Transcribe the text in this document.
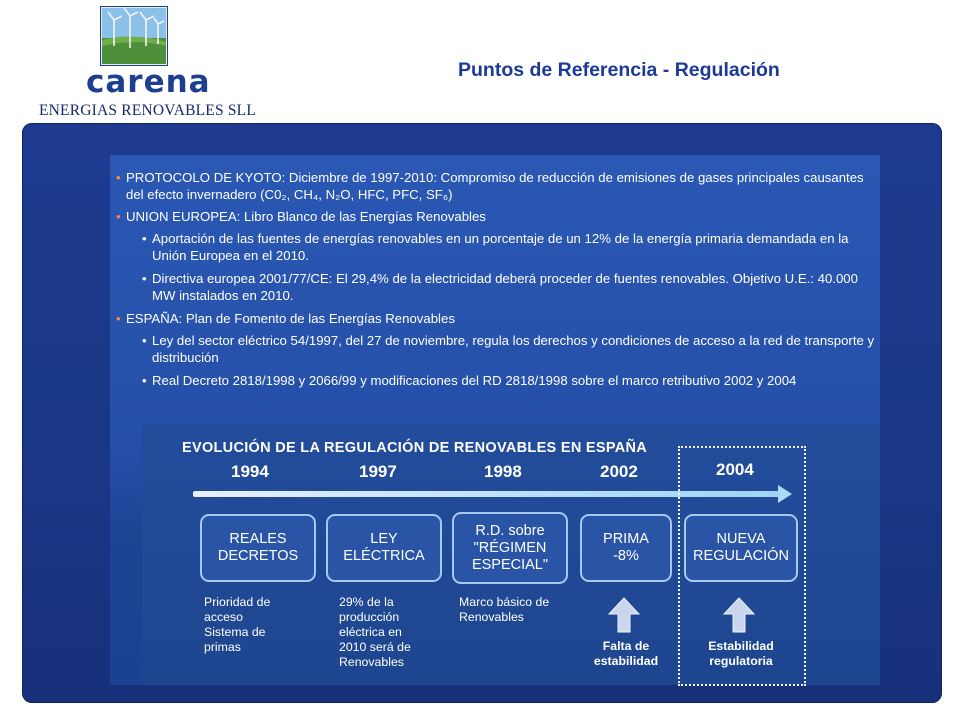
carena
ENERGIAS RENOVABLES SLL
Puntos de Referencia - Regulación
• PROTOCOLO DE KYOTO: Diciembre de 1997-2010: Compromiso de reducción de emisiones de gases principales causantes del efecto invernadero (C0₂, CH₄, N₂O, HFC, PFC, SF₆)
• UNION EUROPEA: Libro Blanco de las Energías Renovables
• Aportación de las fuentes de energías renovables en un porcentaje de un 12% de la energía primaria demandada en la Unión Europea en el 2010.
• Directiva europea 2001/77/CE: El 29,4% de la electricidad deberá proceder de fuentes renovables. Objetivo U.E.: 40.000 MW instalados en 2010.
• ESPAÑA: Plan de Fomento de las Energías Renovables
• Ley del sector eléctrico 54/1997, del 27 de noviembre, regula los derechos y condiciones de acceso a la red de transporte y distribución
• Real Decreto 2818/1998 y 2066/99 y modificaciones del RD 2818/1998 sobre el marco retributivo 2002 y 2004
EVOLUCIÓN DE LA REGULACIÓN DE RENOVABLES EN ESPAÑA
1994	1997	1998	2002	2004
REALES
DECRETOS
LEY
ELÉCTRICA
R.D. sobre
"RÉGIMEN
ESPECIAL"
PRIMA
-8%
NUEVA
REGULACIÓN
Prioridad de
acceso
Sistema de
primas
29% de la
producción
eléctrica en
2010 será de
Renovables
Marco básico de
Renovables
Falta de
estabilidad
Estabilidad
regulatoria
